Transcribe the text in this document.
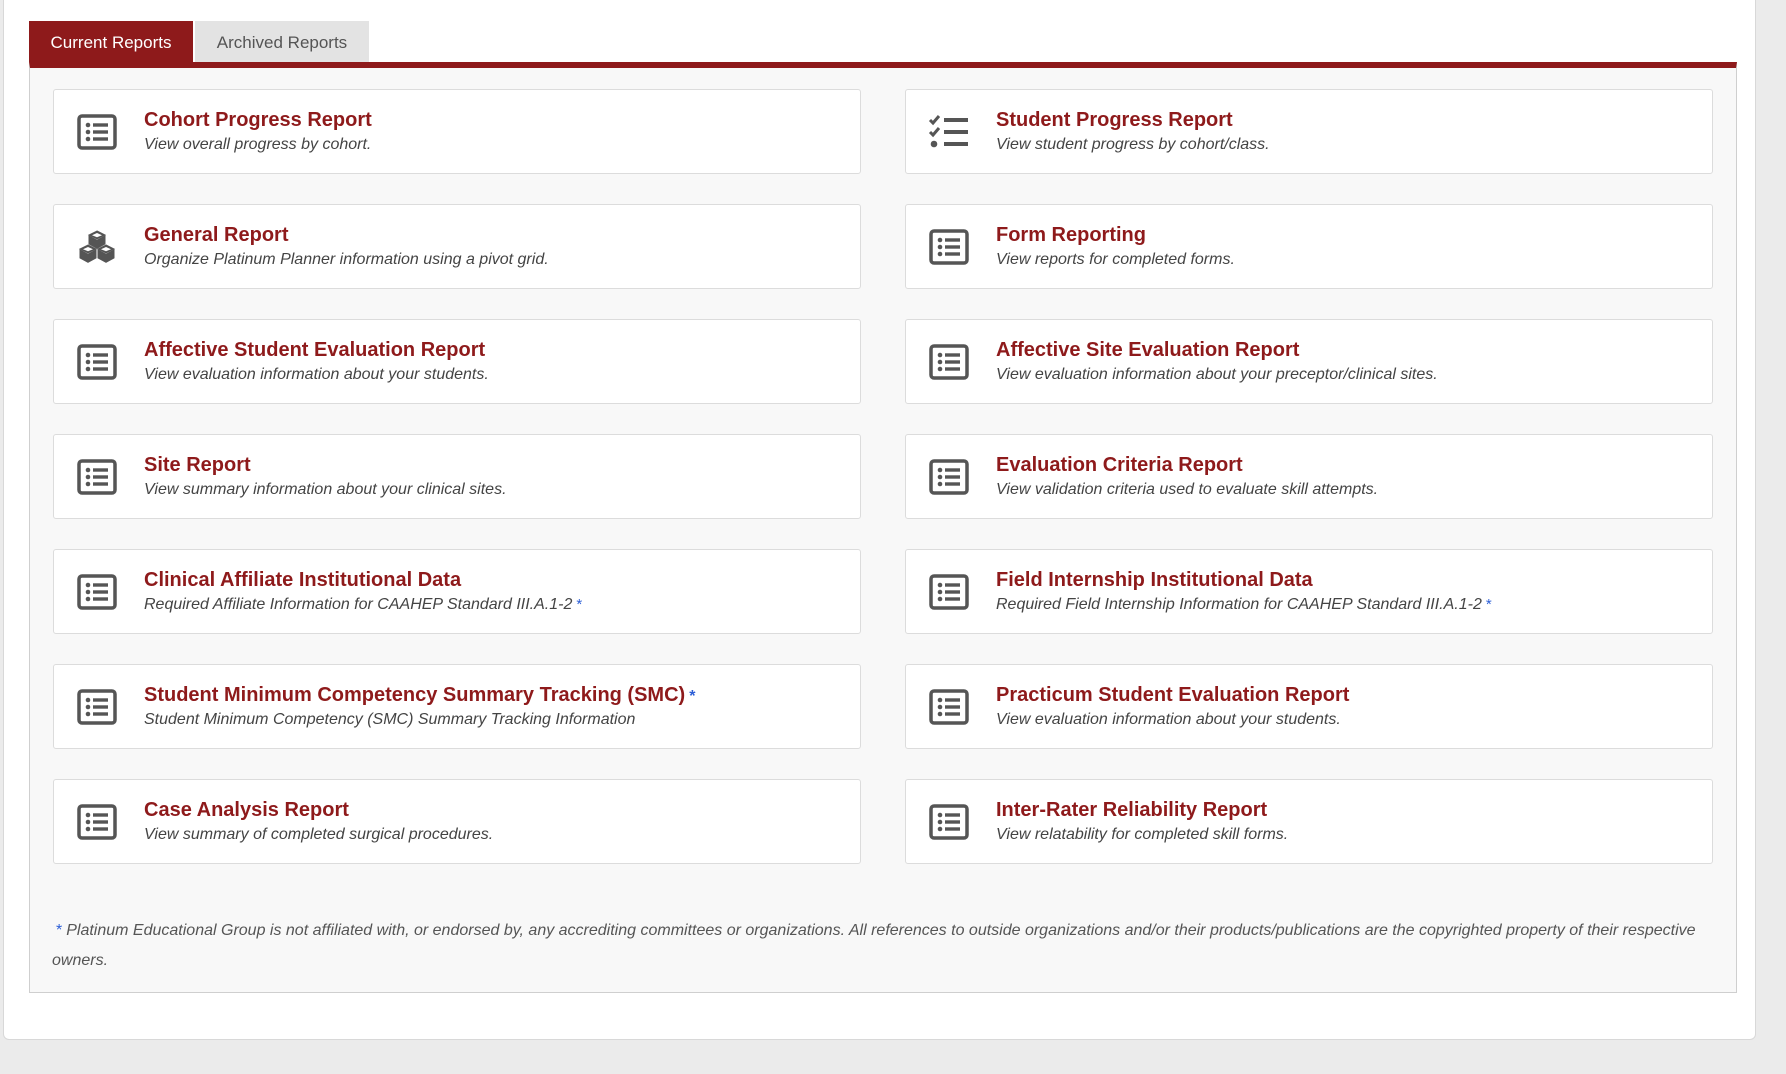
Current Reports	Archived Reports
Cohort Progress Report
View overall progress by cohort.
Student Progress Report
View student progress by cohort/class.
General Report
Organize Platinum Planner information using a pivot grid.
Form Reporting
View reports for completed forms.
Affective Student Evaluation Report
View evaluation information about your students.
Affective Site Evaluation Report
View evaluation information about your preceptor/clinical sites.
Site Report
View summary information about your clinical sites.
Evaluation Criteria Report
View validation criteria used to evaluate skill attempts.
Clinical Affiliate Institutional Data
Required Affiliate Information for CAAHEP Standard III.A.1-2 *
Field Internship Institutional Data
Required Field Internship Information for CAAHEP Standard III.A.1-2 *
Student Minimum Competency Summary Tracking (SMC) *
Student Minimum Competency (SMC) Summary Tracking Information
Practicum Student Evaluation Report
View evaluation information about your students.
Case Analysis Report
View summary of completed surgical procedures.
Inter-Rater Reliability Report
View relatability for completed skill forms.
* Platinum Educational Group is not affiliated with, or endorsed by, any accrediting committees or organizations. All references to outside organizations and/or their products/publications are the copyrighted property of their respective owners.
